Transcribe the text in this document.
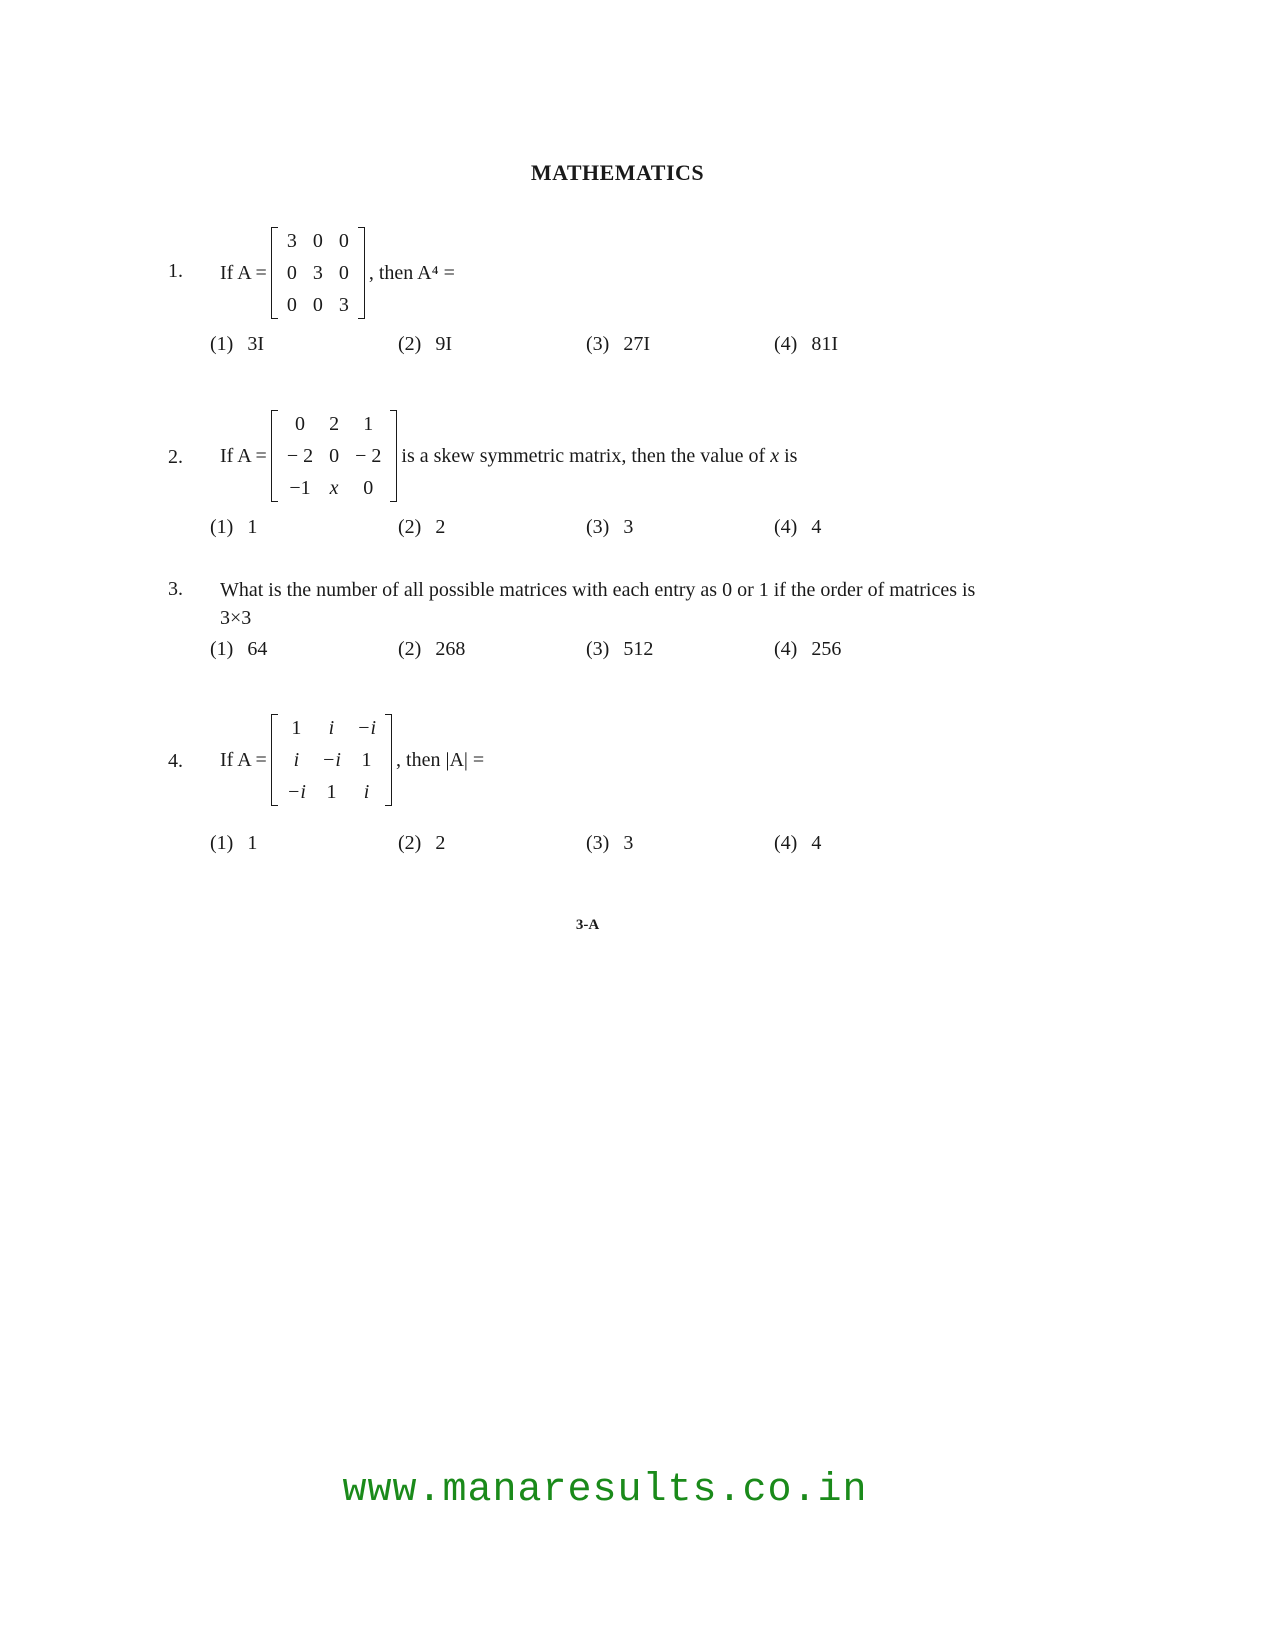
MATHEMATICS
1. If A =
3	0	0
0	3	0
0	0	3
, then A⁴ =
(1) 3I	(2) 9I	(3) 27I	(4) 81I
2. If A =
0	2	1
− 2	0	− 2
−1	x	0
is a skew symmetric matrix, then the value of x is
(1) 1	(2) 2	(3) 3	(4) 4
3. What is the number of all possible matrices with each entry as 0 or 1 if the order of matrices is
3×3
(1) 64	(2) 268	(3) 512	(4) 256
4. If A =
1	i	−i
i	−i	1
−i	1	i
, then |A| =
(1) 1	(2) 2	(3) 3	(4) 4
3-A
www.manaresults.co.in
